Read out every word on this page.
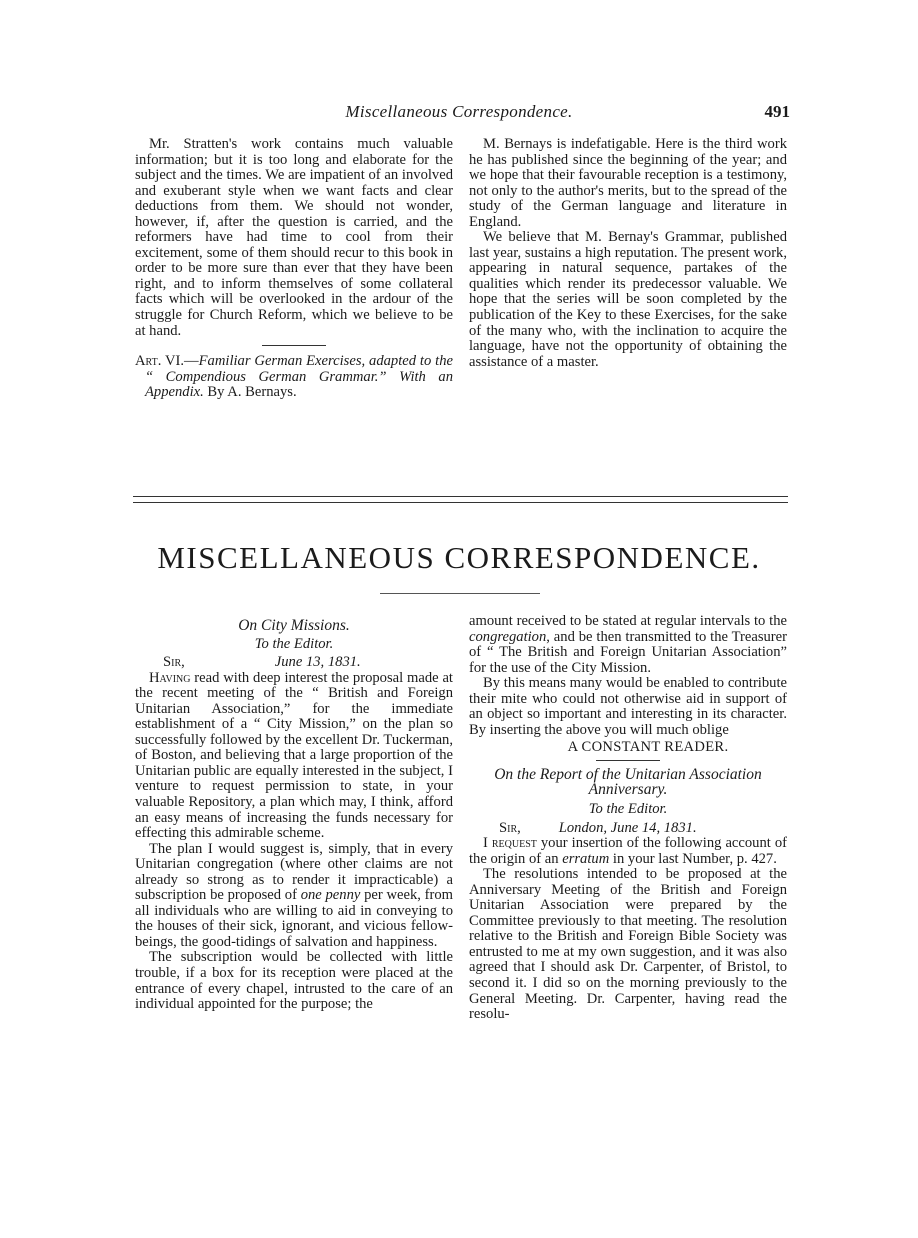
Miscellaneous Correspondence.	491

Mr. Stratten's work contains much valuable information; but it is too long and elaborate for the subject and the times. We are impatient of an involved and exuberant style when we want facts and clear deductions from them. We should not wonder, however, if, after the question is carried, and the reformers have had time to cool from their excitement, some of them should recur to this book in order to be more sure than ever that they have been right, and to inform themselves of some collateral facts which will be overlooked in the ardour of the struggle for Church Reform, which we believe to be at hand.

Art. VI.—Familiar German Exercises, adapted to the “ Compendious German Grammar.” With an Appendix. By A. Bernays.

M. Bernays is indefatigable. Here is the third work he has published since the beginning of the year; and we hope that their favourable reception is a testimony, not only to the author's merits, but to the spread of the study of the German language and literature in England.

We believe that M. Bernay's Grammar, published last year, sustains a high reputation. The present work, appearing in natural sequence, partakes of the qualities which render its predecessor valuable. We hope that the series will be soon completed by the publication of the Key to these Exercises, for the sake of the many who, with the inclination to acquire the language, have not the opportunity of obtaining the assistance of a master.

MISCELLANEOUS CORRESPONDENCE.

On City Missions.

To the Editor.

Sir,	June 13, 1831.

Having read with deep interest the proposal made at the recent meeting of the “ British and Foreign Unitarian Association,” for the immediate establishment of a “ City Mission,” on the plan so successfully followed by the excellent Dr. Tuckerman, of Boston, and believing that a large proportion of the Unitarian public are equally interested in the subject, I venture to request permission to state, in your valuable Repository, a plan which may, I think, afford an easy means of increasing the funds necessary for effecting this admirable scheme.

The plan I would suggest is, simply, that in every Unitarian congregation (where other claims are not already so strong as to render it impracticable) a subscription be proposed of one penny per week, from all individuals who are willing to aid in conveying to the houses of their sick, ignorant, and vicious fellow-beings, the good-tidings of salvation and happiness.

The subscription would be collected with little trouble, if a box for its reception were placed at the entrance of every chapel, intrusted to the care of an individual appointed for the purpose; the

amount received to be stated at regular intervals to the congregation, and be then transmitted to the Treasurer of “ The British and Foreign Unitarian Association” for the use of the City Mission.

By this means many would be enabled to contribute their mite who could not otherwise aid in support of an object so important and interesting in its character. By inserting the above you will much oblige

A CONSTANT READER.

On the Report of the Unitarian Association Anniversary.

To the Editor.

Sir,	London, June 14, 1831.

I request your insertion of the following account of the origin of an erratum in your last Number, p. 427.

The resolutions intended to be proposed at the Anniversary Meeting of the British and Foreign Unitarian Association were prepared by the Committee previously to that meeting. The resolution relative to the British and Foreign Bible Society was entrusted to me at my own suggestion, and it was also agreed that I should ask Dr. Carpenter, of Bristol, to second it. I did so on the morning previously to the General Meeting. Dr. Carpenter, having read the resolu-
